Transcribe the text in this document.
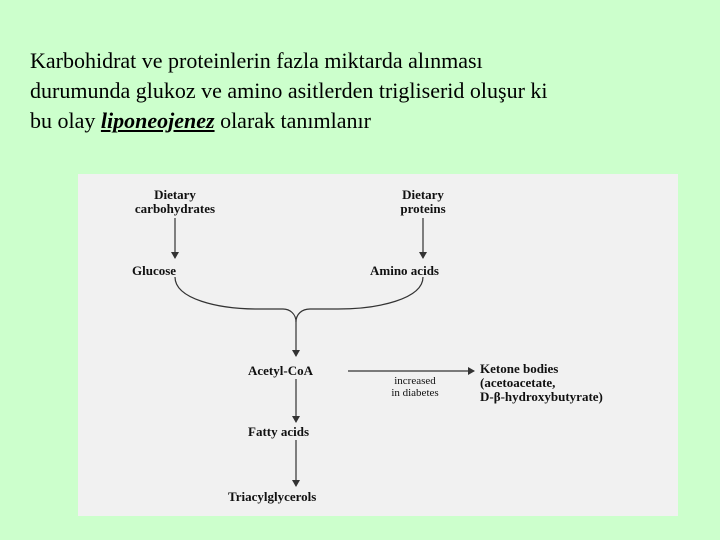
Karbohidrat ve proteinlerin fazla miktarda alınması
durumunda glukoz ve amino asitlerden trigliserid oluşur ki
bu olay liponeojenez olarak tanımlanır
Dietary
carbohydrates
Dietary
proteins
Glucose	Amino acids
Acetyl-CoA
increased
in diabetes
Ketone bodies
(acetoacetate,
D-β-hydroxybutyrate)
Fatty acids
Triacylglycerols
